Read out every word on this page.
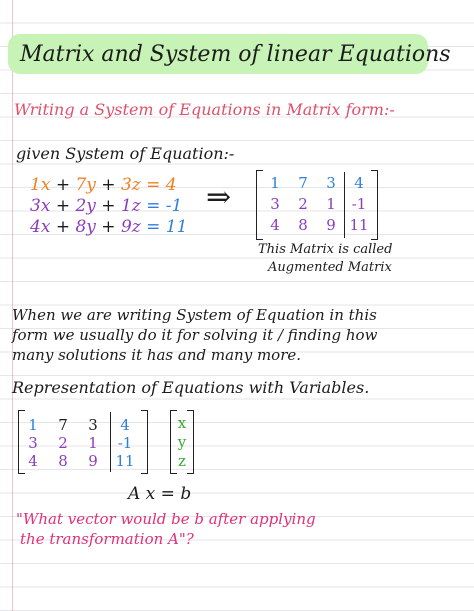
Matrix and System of linear Equations
Writing a System of Equations in Matrix form:-
given System of Equation:-
1x + 7y + 3z = 4
3x + 2y + 1z = -1
4x + 8y + 9z = 11
⇒	1	7	3	4
3	2	1	-1
4	8	9 11
This Matrix is called
Augmented Matrix
When we are writing System of Equation in this
form we usually do it for solving it / finding how
many solutions it has and many more.
Representation of Equations with Variables.
1	7	3	4
3	2	1	-1
4	8	9	11
x
y
z
A x = b
"What vector would be b after applying
the transformation A"?
